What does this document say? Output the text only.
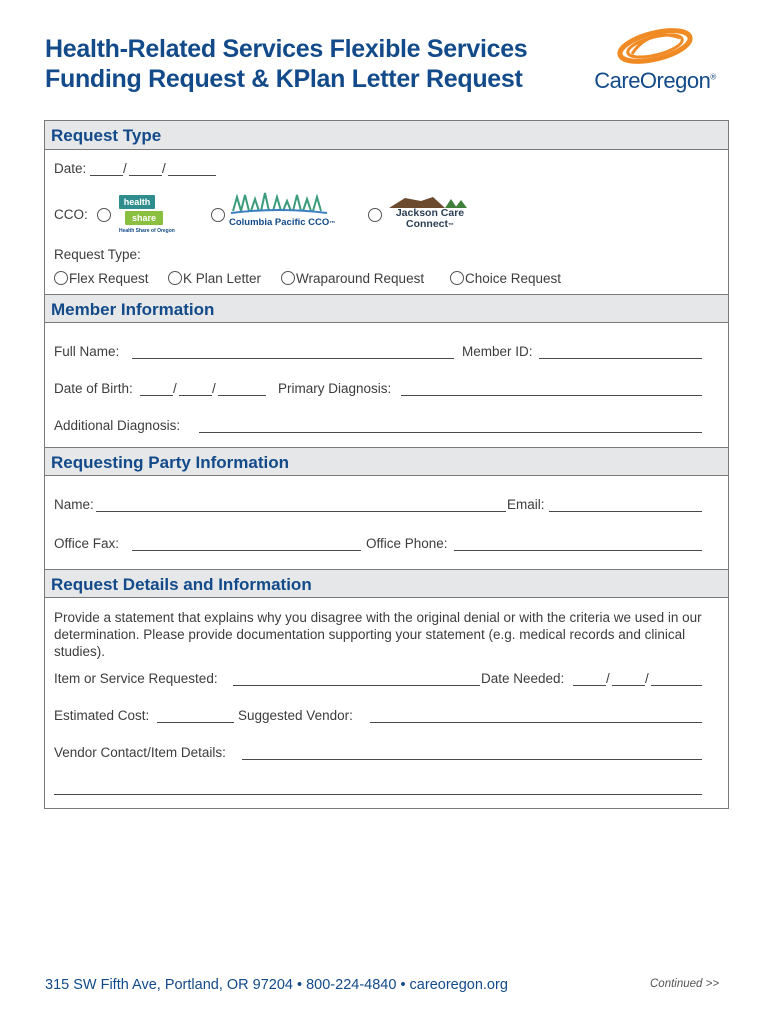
Health-Related Services Flexible Services
Funding Request & KPlan Letter Request	CareOregon®
Request Type
Date:	/	/
CCO:
health
share
Health Share of Oregon
Columbia Pacific CCO™
Jackson Care Connect™
Request Type:
Flex Request	K Plan Letter	Wraparound Request	Choice Request
Member Information
Full Name:	Member ID:
Date of Birth:	/	/	Primary Diagnosis:
Additional Diagnosis:
Requesting Party Information
Name:	Email:
Office Fax:	Office Phone:
Request Details and Information
Provide a statement that explains why you disagree with the original denial or with the criteria we used in our determination. Please provide documentation supporting your statement (e.g. medical records and clinical studies).
Item or Service Requested:	Date Needed:	/	/
Estimated Cost:	Suggested Vendor:
Vendor Contact/Item Details:
315 SW Fifth Ave, Portland, OR 97204 • 800-224-4840 • careoregon.org	Continued >>
